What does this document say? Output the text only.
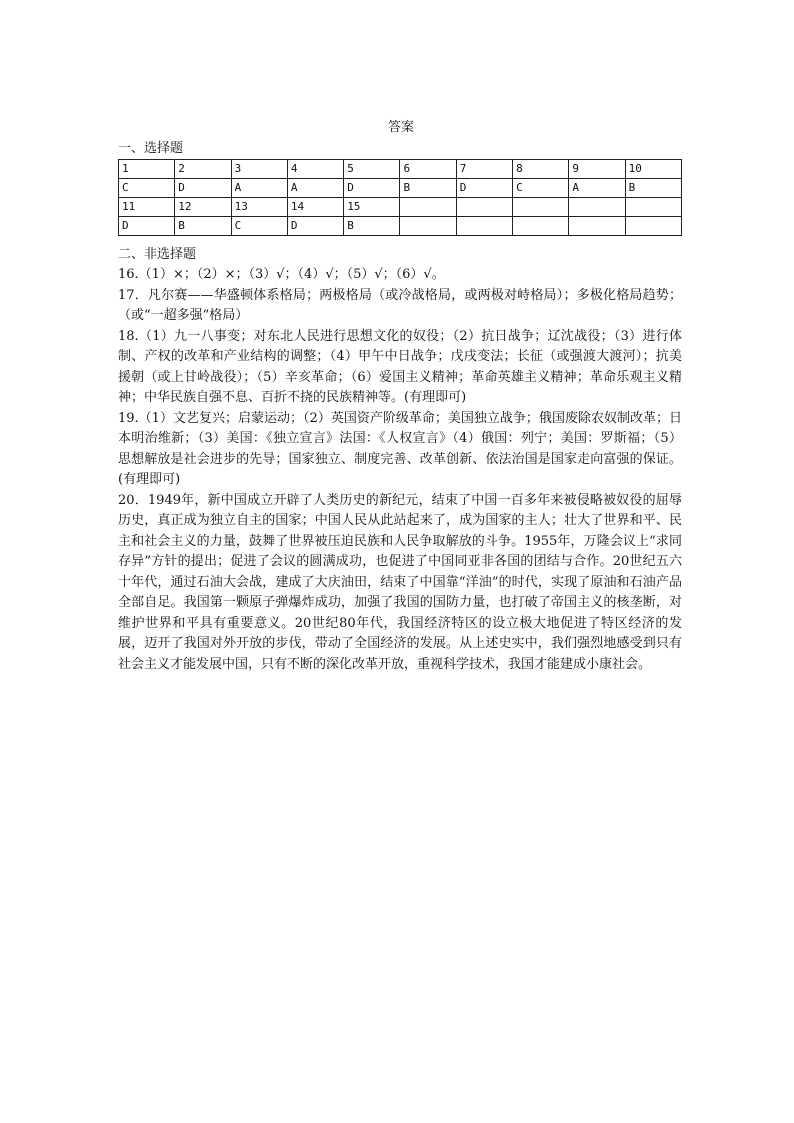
答案
一、选择题
1	2	3	4	5	6	7	8	9	10
C	D	A	A	D	B	D	C	A	B
11	12	13	14	15					
D	B	C	D	B					
二、非选择题

16.（1）×；（2）×；（3）√；（4）√；（5）√；（6）√。

17．凡尔赛——华盛顿体系格局；两极格局（或冷战格局，或两极对峙格局）；多极化格局趋势；（或“一超多强”格局）

18.（1）九一八事变；对东北人民进行思想文化的奴役；（2）抗日战争；辽沈战役；（3）进行体制、产权的改革和产业结构的调整；（4）甲午中日战争；戊戌变法；长征（或强渡大渡河）；抗美援朝（或上甘岭战役）；（5）辛亥革命；（6）爱国主义精神；革命英雄主义精神；革命乐观主义精神；中华民族自强不息、百折不挠的民族精神等。(有理即可)

19.（1）文艺复兴；启蒙运动；（2）英国资产阶级革命；美国独立战争；俄国废除农奴制改革；日本明治维新；（3）美国：《独立宣言》法国：《人权宣言》（4）俄国：列宁；美国：罗斯福；（5）思想解放是社会进步的先导；国家独立、制度完善、改革创新、依法治国是国家走向富强的保证。(有理即可)

20．1949年，新中国成立开辟了人类历史的新纪元，结束了中国一百多年来被侵略被奴役的屈辱历史，真正成为独立自主的国家；中国人民从此站起来了，成为国家的主人；壮大了世界和平、民主和社会主义的力量，鼓舞了世界被压迫民族和人民争取解放的斗争。1955年，万隆会议上“求同存异”方针的提出；促进了会议的圆满成功，也促进了中国同亚非各国的团结与合作。20世纪五六十年代，通过石油大会战，建成了大庆油田，结束了中国靠“洋油”的时代，实现了原油和石油产品全部自足。我国第一颗原子弹爆炸成功，加强了我国的国防力量，也打破了帝国主义的核垄断，对维护世界和平具有重要意义。20世纪80年代，我国经济特区的设立极大地促进了特区经济的发展，迈开了我国对外开放的步伐，带动了全国经济的发展。从上述史实中，我们强烈地感受到只有社会主义才能发展中国，只有不断的深化改革开放，重视科学技术，我国才能建成小康社会。
